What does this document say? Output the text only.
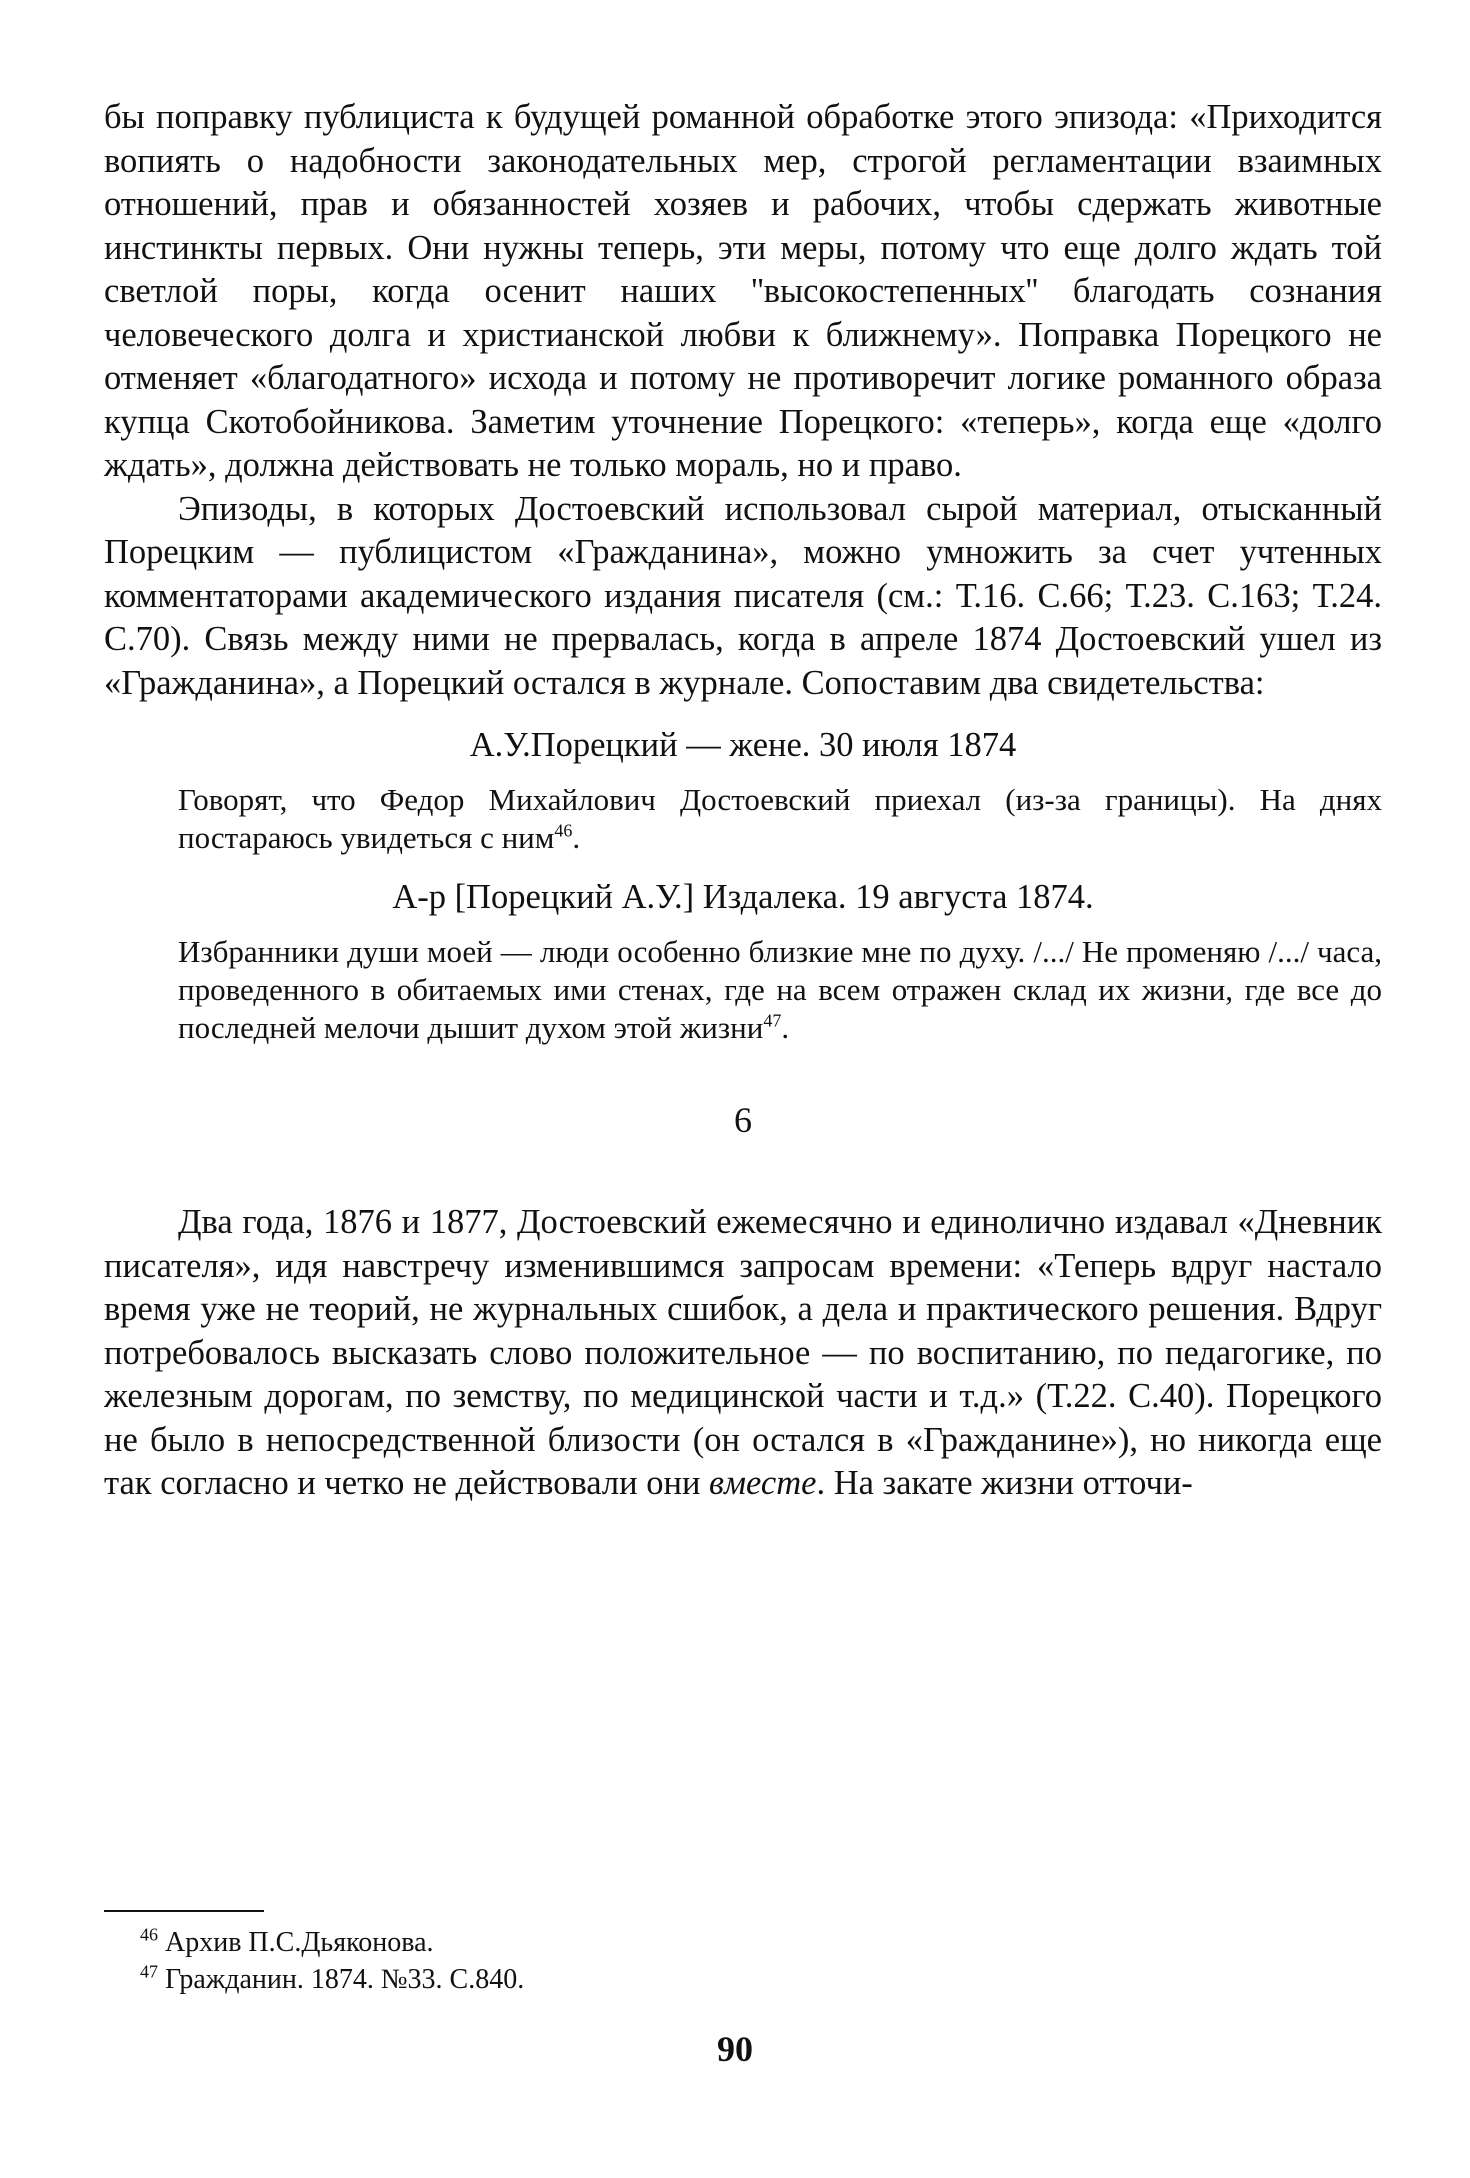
бы поправку публициста к будущей романной обработке этого эпизода: «Приходится вопиять о надобности законодательных мер, строгой регламентации взаимных отношений, прав и обязанностей хозяев и рабочих, чтобы сдержать животные инстинкты первых. Они нужны теперь, эти меры, потому что еще долго ждать той светлой поры, когда осенит наших ''высокостепенных'' благодать сознания человеческого долга и христианской любви к ближнему». Поправка Порецкого не отменяет «благодатного» исхода и потому не противоречит логике романного образа купца Скотобойникова. Заметим уточнение Порецкого: «теперь», когда еще «долго ждать», должна действовать не только мораль, но и право.

Эпизоды, в которых Достоевский использовал сырой материал, отысканный Порецким — публицистом «Гражданина», можно умножить за счет учтенных комментаторами академического издания писателя (см.: Т.16. С.66; Т.23. С.163; Т.24. С.70). Связь между ними не прервалась, когда в апреле 1874 Достоевский ушел из «Гражданина», а Порецкий остался в журнале. Сопоставим два свидетельства:

А.У.Порецкий — жене. 30 июля 1874

Говорят, что Федор Михайлович Достоевский приехал (из-за границы). На днях постараюсь увидеться с ним$^{46}$.

А-р [Порецкий А.У.] Издалека. 19 августа 1874.

Избранники души моей — люди особенно близкие мне по духу. /.../ Не променяю /.../ часа, проведенного в обитаемых ими стенах, где на всем отражен склад их жизни, где все до последней мелочи дышит духом этой жизни$^{47}$.

6

Два года, 1876 и 1877, Достоевский ежемесячно и единолично издавал «Дневник писателя», идя навстречу изменившимся запросам времени: «Теперь вдруг настало время уже не теорий, не журнальных сшибок, а дела и практического решения. Вдруг потребовалось высказать слово положительное — по воспитанию, по педагогике, по железным дорогам, по земству, по медицинской части и т.д.» (Т.22. С.40). Порецкого не было в непосредственной близости (он остался в «Гражданине»), но никогда еще так согласно и четко не действовали они вместе. На закате жизни отточи-

$^{46}$ Архив П.С.Дьяконова.
$^{47}$ Гражданин. 1874. №33. С.840.
90
